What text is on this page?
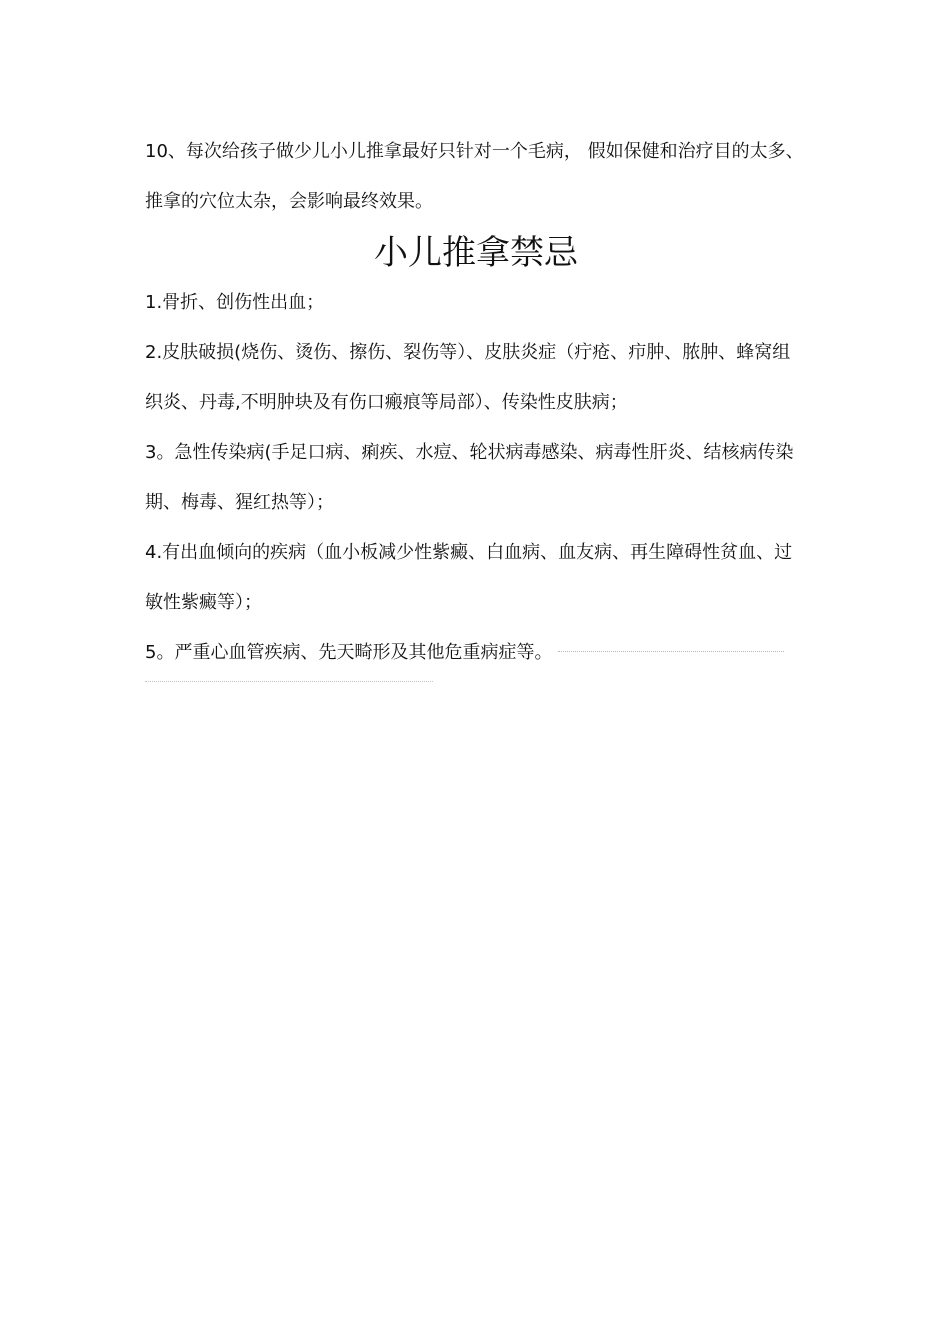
10、每次给孩子做少儿小儿推拿最好只针对一个毛病， 假如保健和治疗目的太多、推拿的穴位太杂，会影响最终效果。

小儿推拿禁忌

1.骨折、创伤性出血；

2.皮肤破损(烧伤、烫伤、擦伤、裂伤等）、皮肤炎症（疔疮、疖肿、脓肿、蜂窝组织炎、丹毒,不明肿块及有伤口瘢痕等局部）、传染性皮肤病；

3。急性传染病(手足口病、痢疾、水痘、轮状病毒感染、病毒性肝炎、结核病传染期、梅毒、猩红热等）；

4.有出血倾向的疾病（血小板减少性紫癜、白血病、血友病、再生障碍性贫血、过敏性紫癜等）；

5。严重心血管疾病、先天畸形及其他危重病症等。
